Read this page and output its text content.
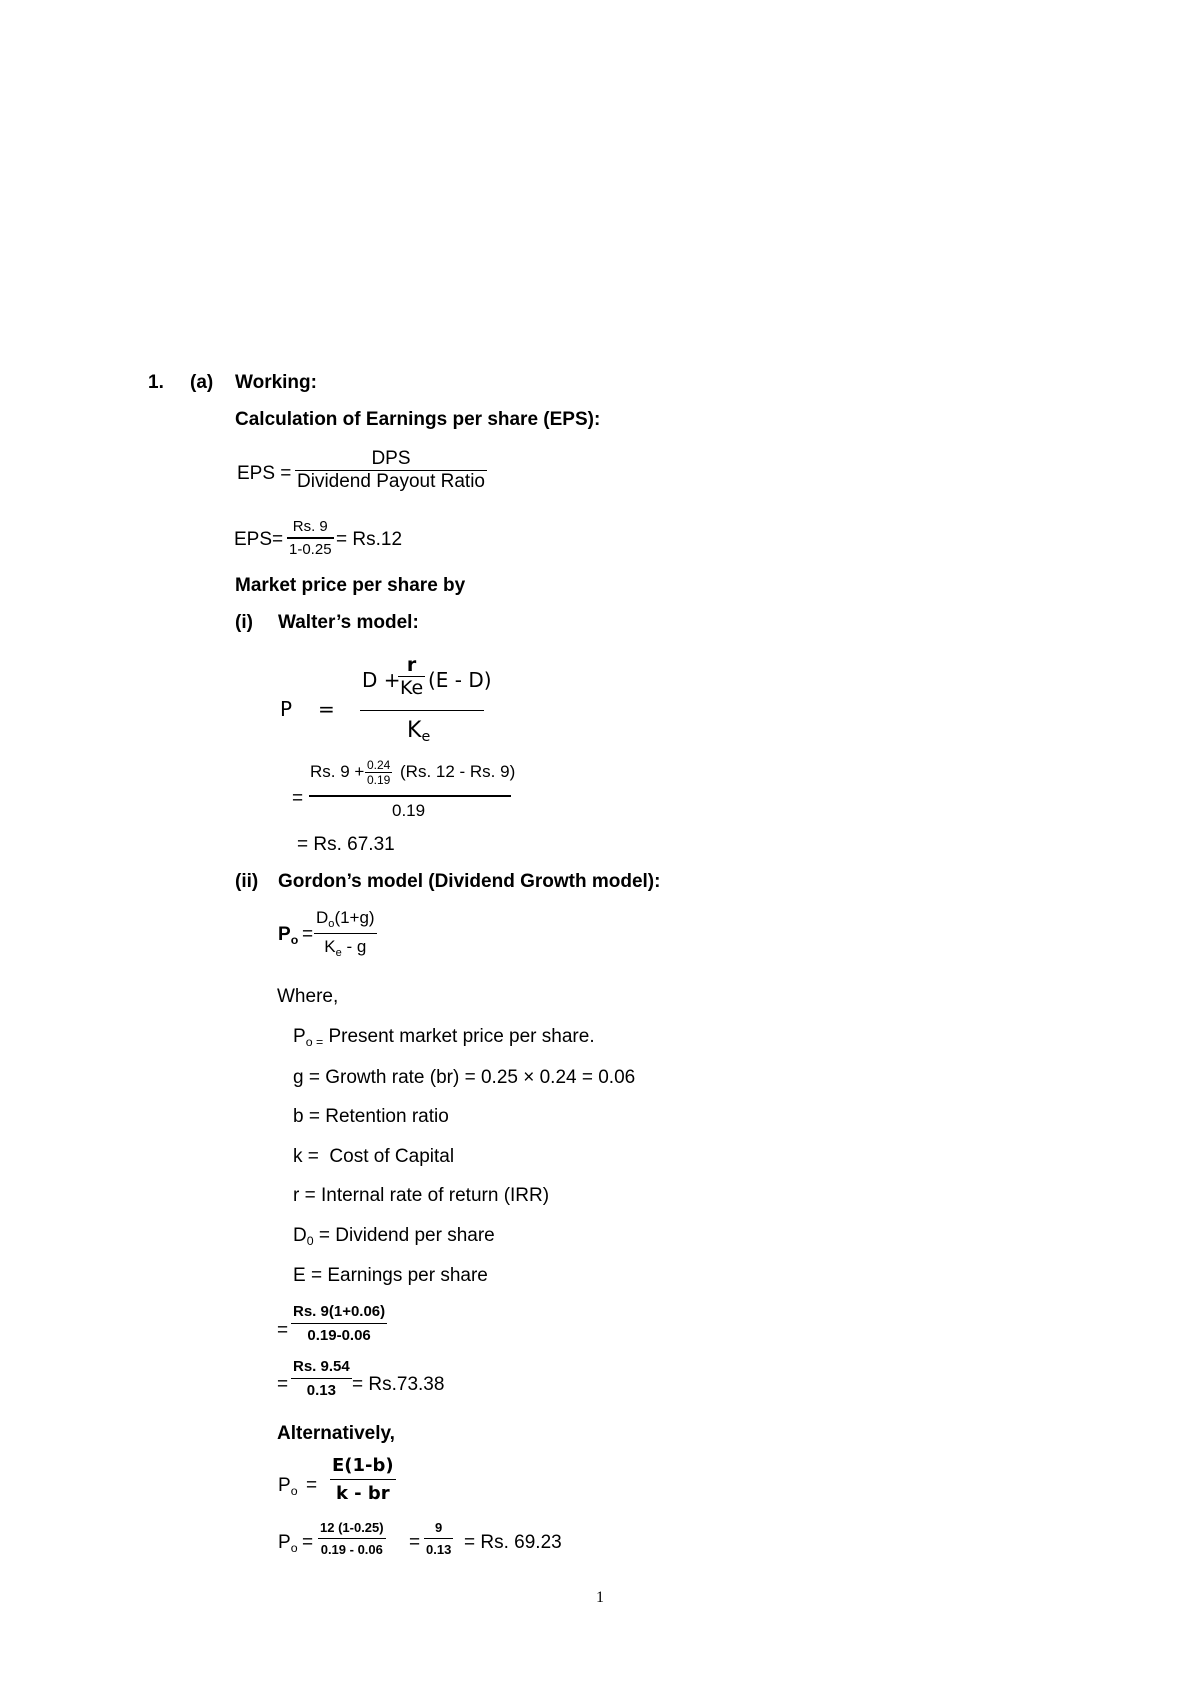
1. (a) Working:
Calculation of Earnings per share (EPS):
EPS =
DPS
Dividend Payout Ratio
EPS=
Rs. 9
1-0.25 = Rs.12
Market price per share by
(i) Walter’s model:
P =
D +
r
Ke (E - D)
$K_e$
=
Rs. 9 + 0.24
0.19 (Rs. 12 - Rs. 9)
0.19
= Rs. 67.31
(ii) Gordon’s model (Dividend Growth model):
$P_o$ =
$D_o(1+g)$
$K_e$ - g
Where,
$P_{o =}$ Present market price per share.
g = Growth rate (br) = 0.25 × 0.24 = 0.06
b = Retention ratio
k =  Cost of Capital
r = Internal rate of return (IRR)
$D_0$ = Dividend per share
E = Earnings per share
=
Rs. 9(1+0.06)
0.19-0.06
=
Rs. 9.54
0.13 = Rs.73.38
Alternatively,
$P_o$ =
E(1-b)
k - br
$P_o$ =
12 (1-0.25)
0.19 - 0.06 =
9
0.13 = Rs. 69.23
1
